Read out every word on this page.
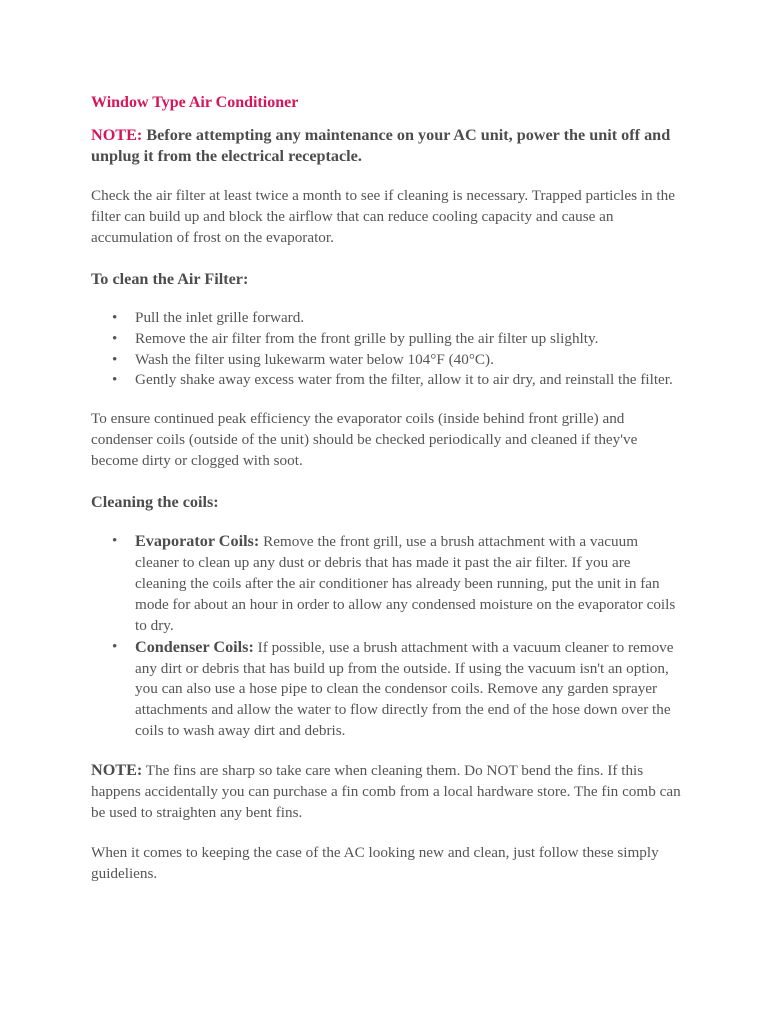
Window Type Air Conditioner
NOTE: Before attempting any maintenance on your AC unit, power the unit off and unplug it from the electrical receptacle.

Check the air filter at least twice a month to see if cleaning is necessary. Trapped particles in the filter can build up and block the airflow that can reduce cooling capacity and cause an accumulation of frost on the evaporator.

To clean the Air Filter:
• Pull the inlet grille forward.
• Remove the air filter from the front grille by pulling the air filter up slighlty.
• Wash the filter using lukewarm water below 104°F (40°C).
• Gently shake away excess water from the filter, allow it to air dry, and reinstall the filter.

To ensure continued peak efficiency the evaporator coils (inside behind front grille) and condenser coils (outside of the unit) should be checked periodically and cleaned if they've become dirty or clogged with soot.

Cleaning the coils:
• Evaporator Coils: Remove the front grill, use a brush attachment with a vacuum cleaner to clean up any dust or debris that has made it past the air filter. If you are cleaning the coils after the air conditioner has already been running, put the unit in fan mode for about an hour in order to allow any condensed moisture on the evaporator coils to dry.
• Condenser Coils: If possible, use a brush attachment with a vacuum cleaner to remove any dirt or debris that has build up from the outside. If using the vacuum isn't an option, you can also use a hose pipe to clean the condensor coils. Remove any garden sprayer attachments and allow the water to flow directly from the end of the hose down over the coils to wash away dirt and debris.

NOTE: The fins are sharp so take care when cleaning them. Do NOT bend the fins. If this happens accidentally you can purchase a fin comb from a local hardware store. The fin comb can be used to straighten any bent fins.

When it comes to keeping the case of the AC looking new and clean, just follow these simply guideliens.
